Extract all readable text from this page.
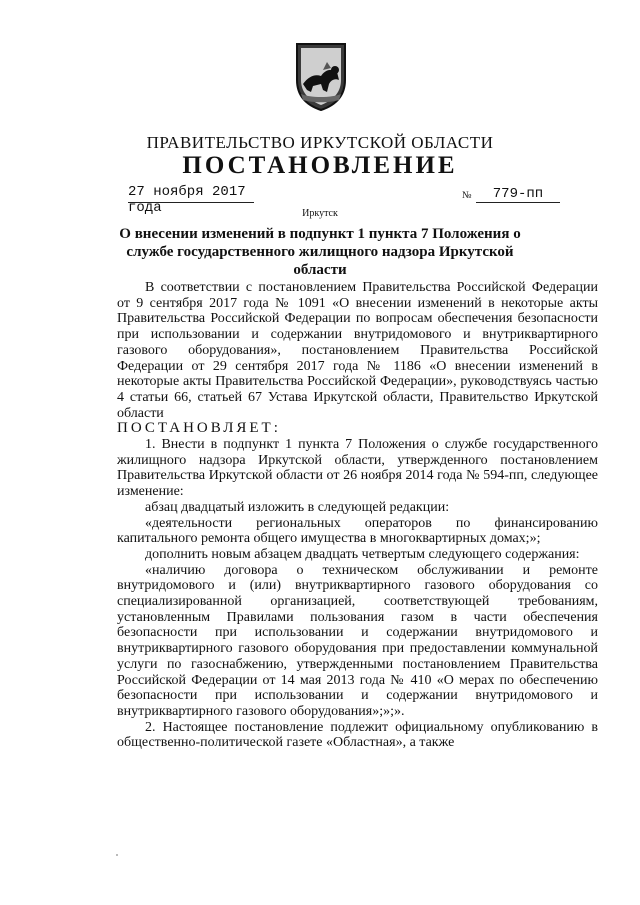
ПРАВИТЕЛЬСТВО ИРКУТСКОЙ ОБЛАСТИ
ПОСТАНОВЛЕНИЕ
27 ноября 2017 года
№	779-пп
Иркутск
О внесении изменений в подпункт 1 пункта 7 Положения о службе государственного жилищного надзора Иркутской области

В соответствии с постановлением Правительства Российской Федерации от 9 сентября 2017 года № 1091 «О внесении изменений в некоторые акты Правительства Российской Федерации по вопросам обеспечения безопасности при использовании и содержании внутридомового и внутриквартирного газового оборудования», постановлением Правительства Российской Федерации от 29 сентября 2017 года № 1186 «О внесении изменений в некоторые акты Правительства Российской Федерации», руководствуясь частью 4 статьи 66, статьей 67 Устава Иркутской области, Правительство Иркутской области

ПОСТАНОВЛЯЕТ:

1. Внести в подпункт 1 пункта 7 Положения о службе государственного жилищного надзора Иркутской области, утвержденного постановлением Правительства Иркутской области от 26 ноября 2014 года № 594-пп, следующее изменение:

абзац двадцатый изложить в следующей редакции:

«деятельности региональных операторов по финансированию капитального ремонта общего имущества в многоквартирных домах;»;

дополнить новым абзацем двадцать четвертым следующего содержания:

«наличию договора о техническом обслуживании и ремонте внутридомового и (или) внутриквартирного газового оборудования со специализированной организацией, соответствующей требованиям, установленным Правилами пользования газом в части обеспечения безопасности при использовании и содержании внутридомового и внутриквартирного газового оборудования при предоставлении коммунальной услуги по газоснабжению, утвержденными постановлением Правительства Российской Федерации от 14 мая 2013 года № 410 «О мерах по обеспечению безопасности при использовании и содержании внутридомового и внутриквартирного газового оборудования»;»;».

2. Настоящее постановление подлежит официальному опубликованию в общественно-политической газете «Областная», а также
